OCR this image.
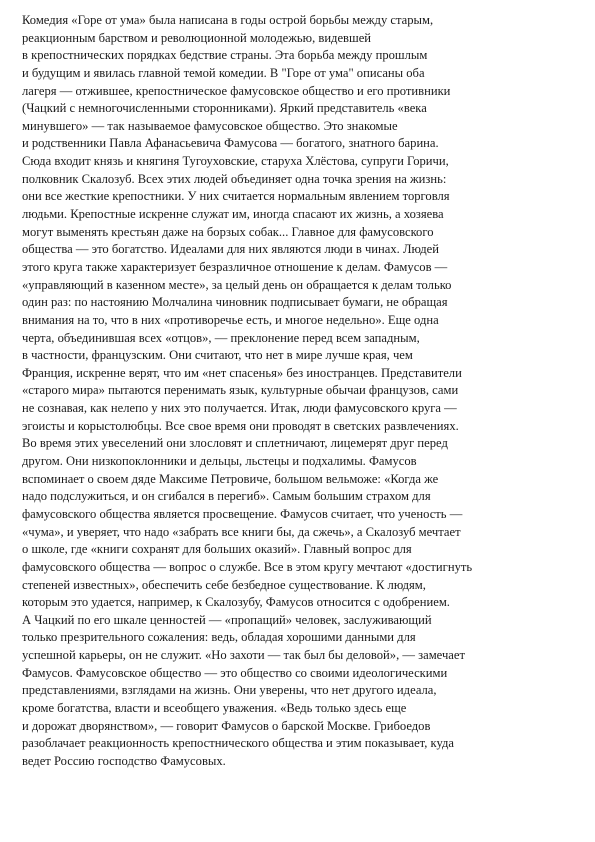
Комедия «Горе от ума» была написана в годы острой борьбы между старым,
реакционным барством и революционной молодежью, видевшей
в крепостнических порядках бедствие страны. Эта борьба между прошлым
и будущим и явилась главной темой комедии. В "Горе от ума" описаны оба
лагеря — отжившее, крепостническое фамусовское общество и его противники
(Чацкий с немногочисленными сторонниками). Яркий представитель «века
минувшего» — так называемое фамусовское общество. Это знакомые
и родственники Павла Афанасьевича Фамусова — богатого, знатного барина.
Сюда входит князь и княгиня Тугоуховские, старуха Хлёстова, супруги Горичи,
полковник Скалозуб. Всех этих людей объединяет одна точка зрения на жизнь:
они все жесткие крепостники. У них считается нормальным явлением торговля
людьми. Крепостные искренне служат им, иногда спасают их жизнь, а хозяева
могут выменять крестьян даже на борзых собак... Главное для фамусовского
общества — это богатство. Идеалами для них являются люди в чинах. Людей
этого круга также характеризует безразличное отношение к делам. Фамусов —
«управляющий в казенном месте», за целый день он обращается к делам только
один раз: по настоянию Молчалина чиновник подписывает бумаги, не обращая
внимания на то, что в них «противоречье есть, и многое недельно». Еще одна
черта, объединившая всех «отцов», — преклонение перед всем западным,
в частности, французским. Они считают, что нет в мире лучше края, чем
Франция, искренне верят, что им «нет спасенья» без иностранцев. Представители
«старого мира» пытаются перенимать язык, культурные обычаи французов, сами
не сознавая, как нелепо у них это получается. Итак, люди фамусовского круга —
эгоисты и корыстолюбцы. Все свое время они проводят в светских развлечениях.
Во время этих увеселений они злословят и сплетничают, лицемерят друг перед
другом. Они низкопоклонники и дельцы, льстецы и подхалимы. Фамусов
вспоминает о своем дяде Максиме Петровиче, большом вельможе: «Когда же
надо подслужиться, и он сгибался в перегиб». Самым большим страхом для
фамусовского общества является просвещение. Фамусов считает, что ученость —
«чума», и уверяет, что надо «забрать все книги бы, да сжечь», а Скалозуб мечтает
о школе, где «книги сохранят для больших оказий». Главный вопрос для
фамусовского общества — вопрос о службе. Все в этом кругу мечтают «достигнуть
степеней известных», обеспечить себе безбедное существование. К людям,
которым это удается, например, к Скалозубу, Фамусов относится с одобрением.
А Чацкий по его шкале ценностей — «пропащий» человек, заслуживающий
только презрительного сожаления: ведь, обладая хорошими данными для
успешной карьеры, он не служит. «Но захоти — так был бы деловой», — замечает
Фамусов. Фамусовское общество — это общество со своими идеологическими
представлениями, взглядами на жизнь. Они уверены, что нет другого идеала,
кроме богатства, власти и всеобщего уважения. «Ведь только здесь еще
и дорожат дворянством», — говорит Фамусов о барской Москве. Грибоедов
разоблачает реакционность крепостнического общества и этим показывает, куда
ведет Россию господство Фамусовых.
